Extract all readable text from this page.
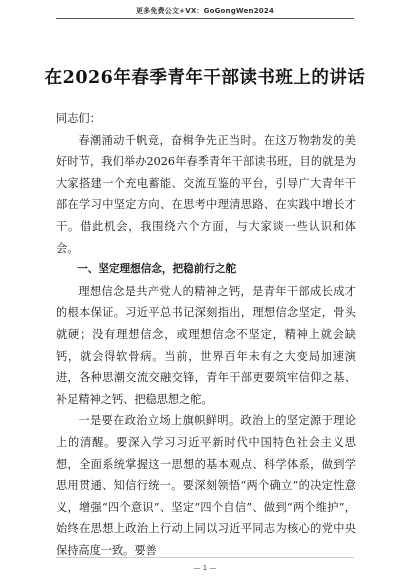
更多免费公文+VX：GoGongWen2024
在2026年春季青年干部读书班上的讲话

同志们：

春潮涌动千帆竞，奋楫争先正当时。在这万物勃发的美好时节，我们举办2026年春季青年干部读书班，目的就是为大家搭建一个充电蓄能、交流互鉴的平台，引导广大青年干部在学习中坚定方向、在思考中理清思路、在实践中增长才干。借此机会，我围绕六个方面，与大家谈一些认识和体会。

一、坚定理想信念，把稳前行之舵

理想信念是共产党人的精神之钙，是青年干部成长成才的根本保证。习近平总书记深刻指出，理想信念坚定，骨头就硬；没有理想信念，或理想信念不坚定，精神上就会缺钙，就会得软骨病。当前，世界百年未有之大变局加速演进，各种思潮交流交融交锋，青年干部更要筑牢信仰之基、补足精神之钙、把稳思想之舵。

一是要在政治立场上旗帜鲜明。政治上的坚定源于理论上的清醒。要深入学习习近平新时代中国特色社会主义思想，全面系统掌握这一思想的基本观点、科学体系，做到学思用贯通、知信行统一。要深刻领悟“两个确立”的决定性意义，增强“四个意识”、坚定“四个自信”、做到“两个维护”，始终在思想上政治上行动上同以习近平同志为核心的党中央保持高度一致。要善

— 1 —
